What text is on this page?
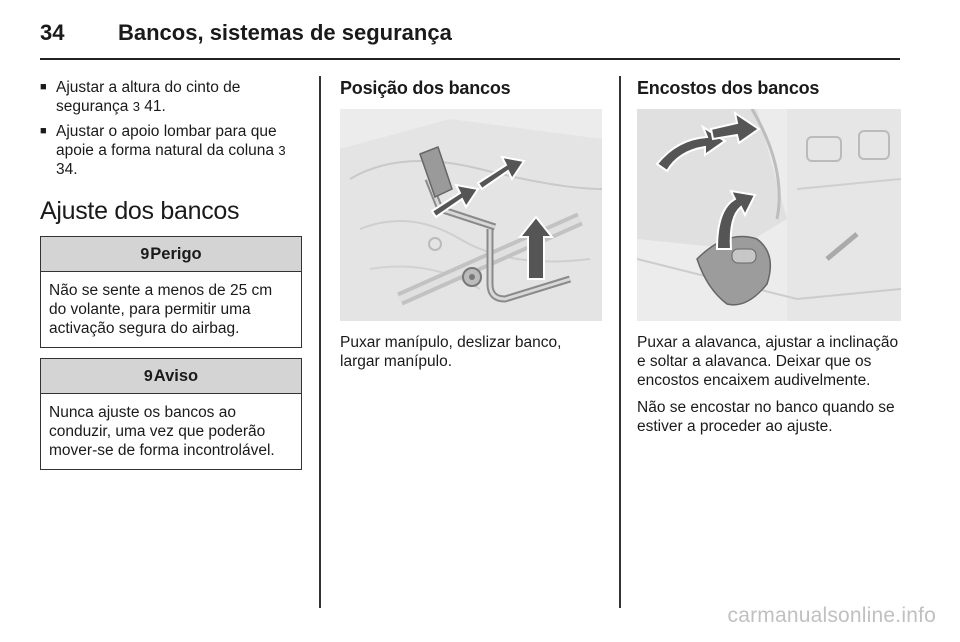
34 Bancos, sistemas de segurança
■ Ajustar a altura do cinto de segurança 3 41.
■ Ajustar o apoio lombar para que apoie a forma natural da coluna 3 34.
Ajuste dos bancos
9Perigo
Não se sente a menos de 25 cm do volante, para permitir uma activação segura do airbag.
9Aviso
Nunca ajuste os bancos ao conduzir, uma vez que poderão mover-se de forma incontrolável.
Posição dos bancos
Puxar manípulo, deslizar banco, largar manípulo.
Encostos dos bancos
Puxar a alavanca, ajustar a inclinação e soltar a alavanca. Deixar que os encostos encaixem audivelmente.
Não se encostar no banco quando se estiver a proceder ao ajuste.
carmanualsonline.info
